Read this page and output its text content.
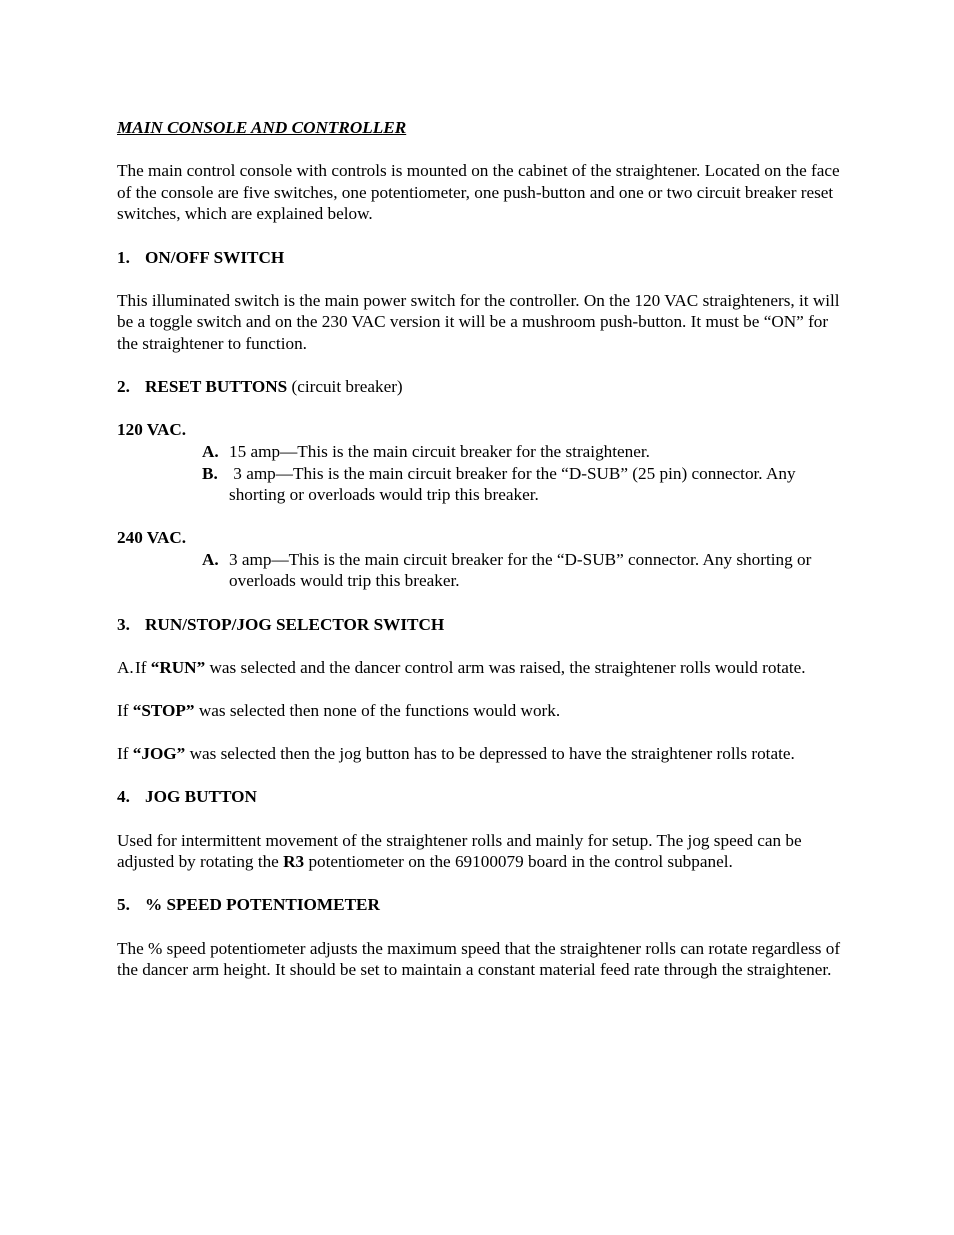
MAIN CONSOLE AND CONTROLLER

The main control console with controls is mounted on the cabinet of the straightener. Located on the face of the console are five switches, one potentiometer, one push-button and one or two circuit breaker reset switches, which are explained below.

1. ON/OFF SWITCH

This illuminated switch is the main power switch for the controller. On the 120 VAC straighteners, it will be a toggle switch and on the 230 VAC version it will be a mushroom push-button. It must be “ON” for the straightener to function.

2. RESET BUTTONS (circuit breaker)
120 VAC.
A. 15 amp—This is the main circuit breaker for the straightener.
B. 3 amp—This is the main circuit breaker for the “D-SUB” (25 pin) connector. Any shorting or overloads would trip this breaker.
240 VAC.
A. 3 amp—This is the main circuit breaker for the “D-SUB” connector. Any shorting or overloads would trip this breaker.
3. RUN/STOP/JOG SELECTOR SWITCH
A.If “RUN” was selected and the dancer control arm was raised, the straightener rolls would rotate.

If “STOP” was selected then none of the functions would work.

If “JOG” was selected then the jog button has to be depressed to have the straightener rolls rotate.

4. JOG BUTTON

Used for intermittent movement of the straightener rolls and mainly for setup. The jog speed can be adjusted by rotating the R3 potentiometer on the 69100079 board in the control subpanel.

5. % SPEED POTENTIOMETER

The % speed potentiometer adjusts the maximum speed that the straightener rolls can rotate regardless of the dancer arm height. It should be set to maintain a constant material feed rate through the straightener.
